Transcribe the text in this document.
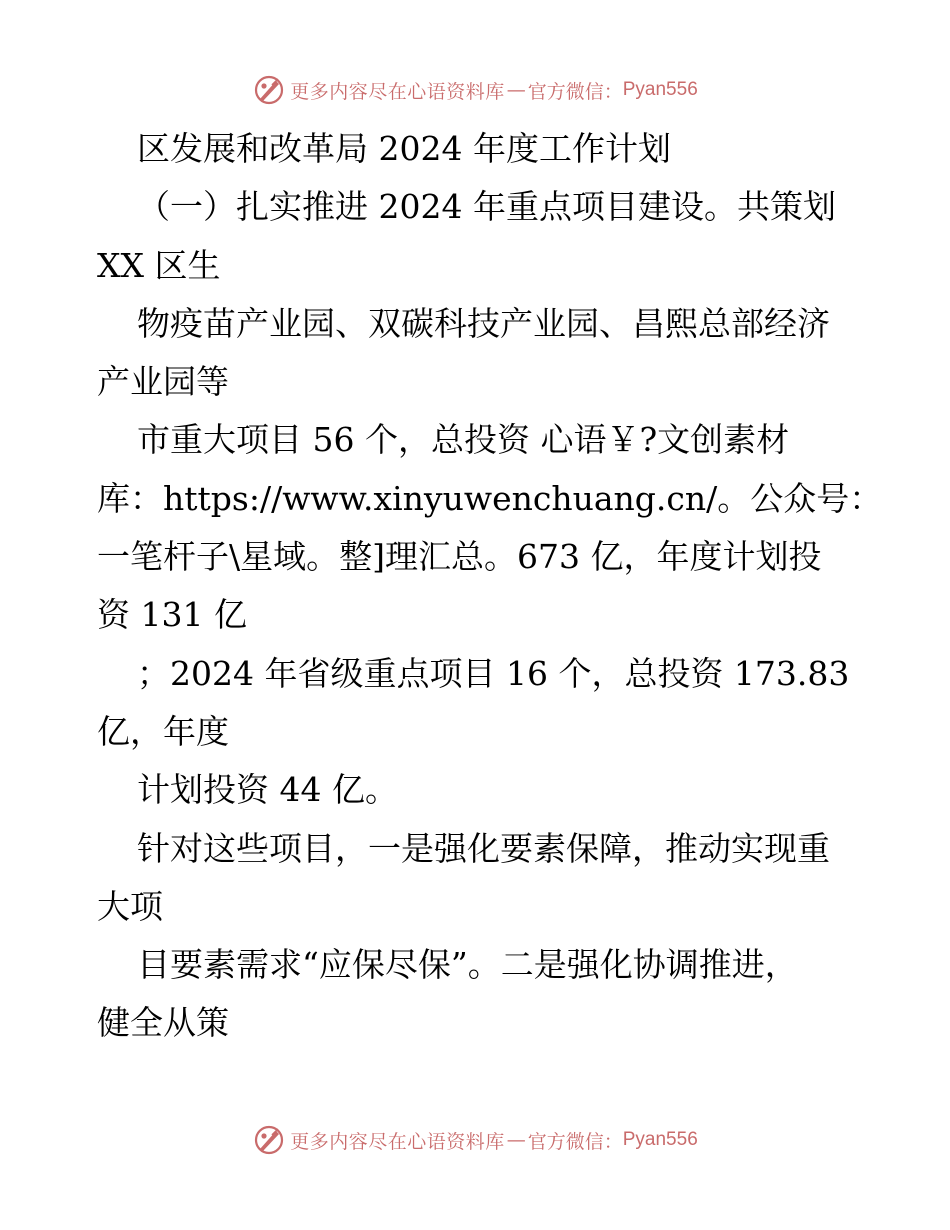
更多内容尽在心语资料库 — 官方微信： Pyan556
区发展和改革局 2024 年度工作计划
（一）扎实推进 2024 年重点项目建设。共策划
XX 区生
物疫苗产业园、双碳科技产业园、昌熙总部经济
产业园等
市重大项目 56 个，总投资 心语￥?文创素材
库：https://www.xinyuwenchuang.cn/。公众号：
一笔杆子\星域。整]理汇总。673 亿，年度计划投
资 131 亿
；2024 年省级重点项目 16 个，总投资 173.83
亿，年度
计划投资 44 亿。
针对这些项目，一是强化要素保障，推动实现重
大项
目要素需求“应保尽保”。二是强化协调推进，
健全从策
更多内容尽在心语资料库 — 官方微信： Pyan556
